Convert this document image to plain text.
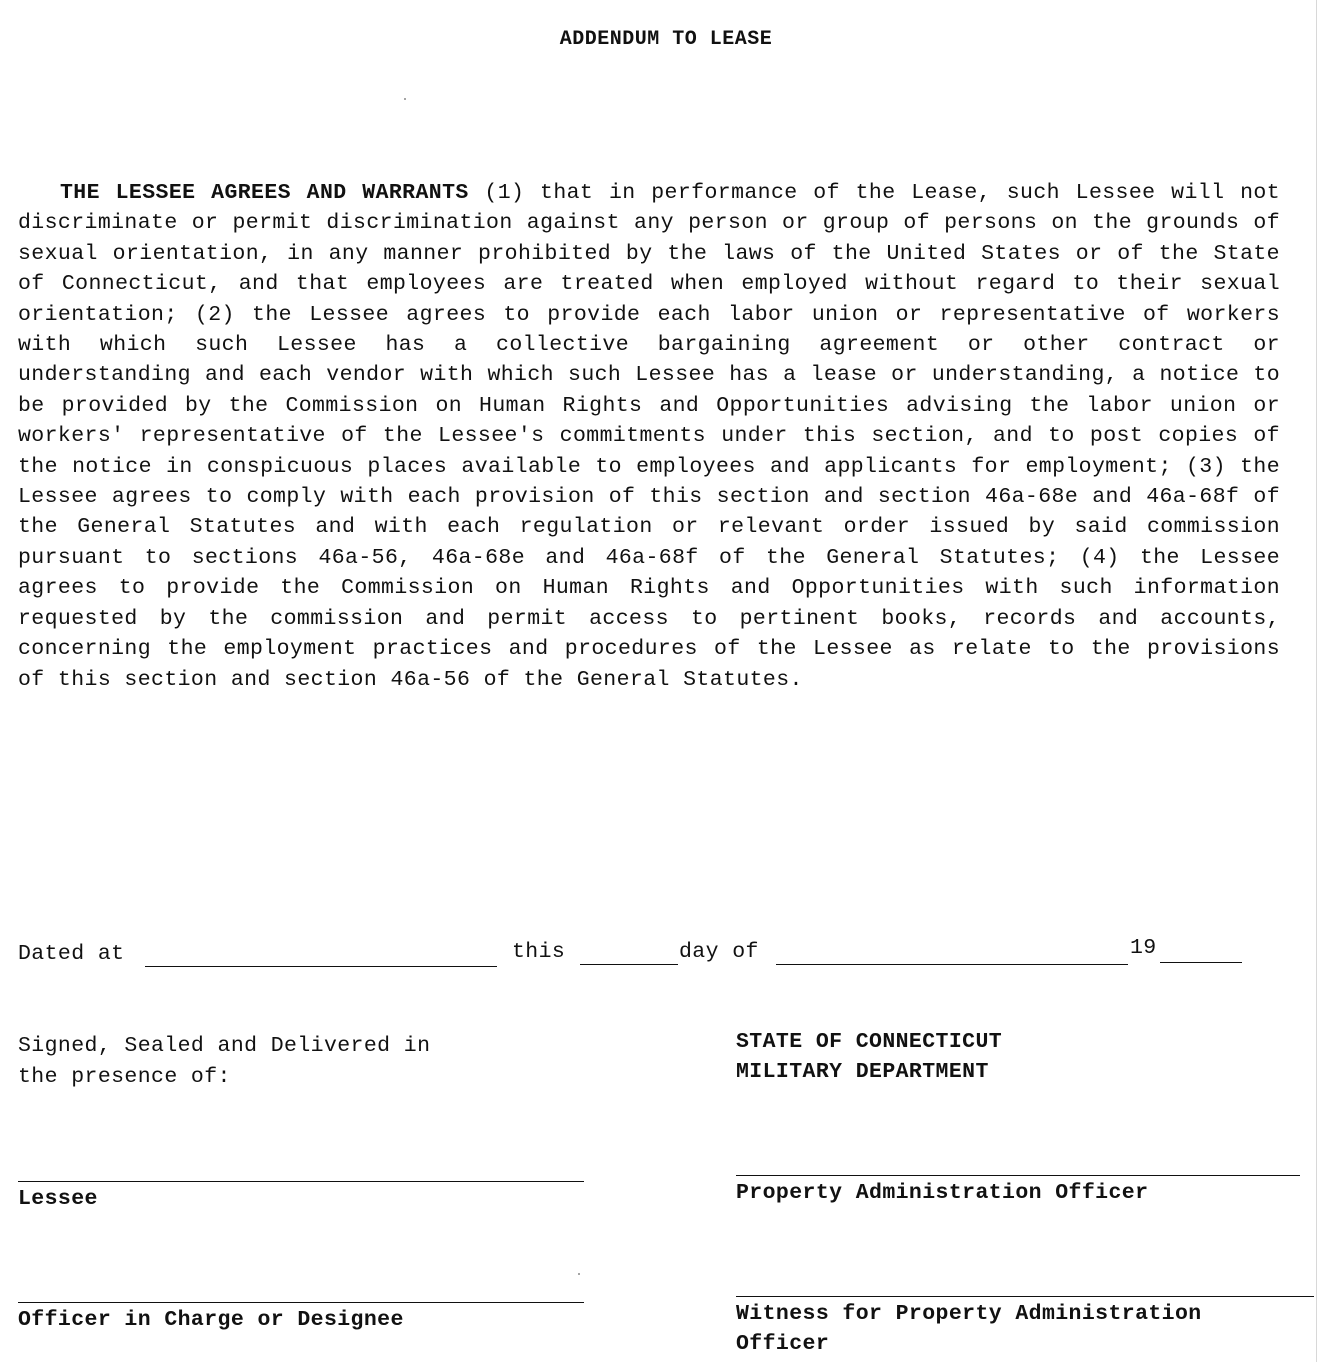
ADDENDUM TO LEASE
THE LESSEE AGREES AND WARRANTS (1) that in performance of the Lease, such Lessee will not discriminate or permit discrimination against any person or group of persons on the grounds of sexual orientation, in any manner prohibited by the laws of the United States or of the State of Connecticut, and that employees are treated when employed without regard to their sexual orientation; (2) the Lessee agrees to provide each labor union or representative of workers with which such Lessee has a collective bargaining agreement or other contract or understanding and each vendor with which such Lessee has a lease or understanding, a notice to be provided by the Commission on Human Rights and Opportunities advising the labor union or workers' representative of the Lessee's commitments under this section, and to post copies of the notice in conspicuous places available to employees and applicants for employment; (3) the Lessee agrees to comply with each provision of this section and section 46a-68e and 46a-68f of the General Statutes and with each regulation or relevant order issued by said commission pursuant to sections 46a-56, 46a-68e and 46a-68f of the General Statutes; (4) the Lessee agrees to provide the Commission on Human Rights and Opportunities with such information requested by the commission and permit access to pertinent books, records and accounts, concerning the employment practices and procedures of the Lessee as relate to the provisions of this section and section 46a-56 of the General Statutes.
Dated at	this	day of	19
Signed, Sealed and Delivered in
the presence of:
Lessee
Officer in Charge or Designee
STATE OF CONNECTICUT
MILITARY DEPARTMENT
Property Administration Officer
Witness for Property Administration
Officer
